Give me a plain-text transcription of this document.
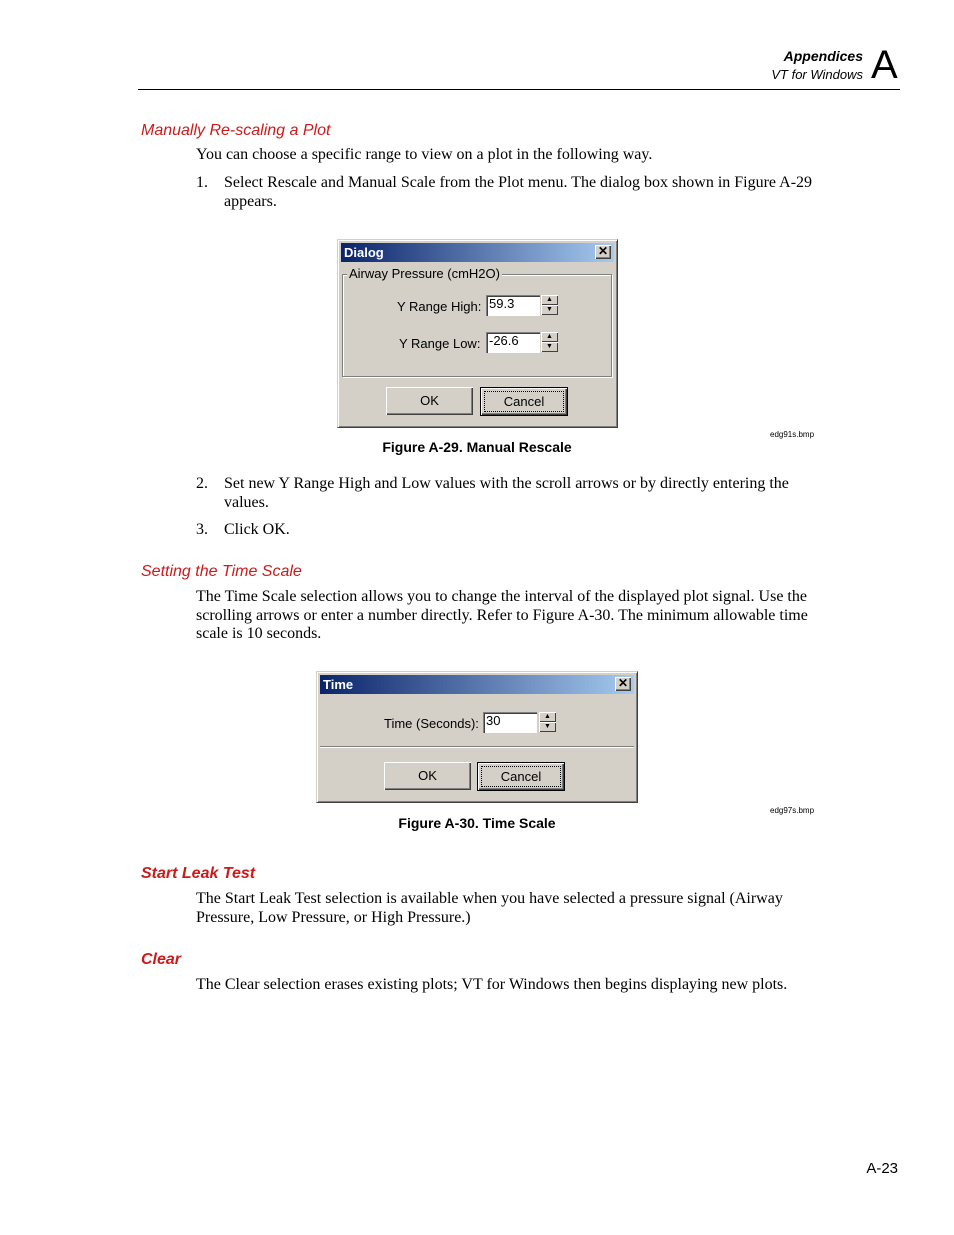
Appendices
VT for Windows A
Manually Re-scaling a Plot
You can choose a specific range to view on a plot in the following way.
1. Select Rescale and Manual Scale from the Plot menu. The dialog box shown in Figure A-29 appears.
Dialog	✕
Airway Pressure (cmH2O)
Y Range High: 59.3	▲
▼
Y Range Low: -26.6	▲
▼
OK	Cancel
edg91s.bmp
Figure A-29. Manual Rescale
2. Set new Y Range High and Low values with the scroll arrows or by directly entering the values.
3. Click OK.
Setting the Time Scale
The Time Scale selection allows you to change the interval of the displayed plot signal. Use the scrolling arrows or enter a number directly. Refer to Figure A-30. The minimum allowable time scale is 10 seconds.
Time	✕
Time (Seconds): 30	▲
▼
OK	Cancel
edg97s.bmp
Figure A-30. Time Scale
Start Leak Test
The Start Leak Test selection is available when you have selected a pressure signal (Airway Pressure, Low Pressure, or High Pressure.)
Clear
The Clear selection erases existing plots; VT for Windows then begins displaying new plots.
A-23
